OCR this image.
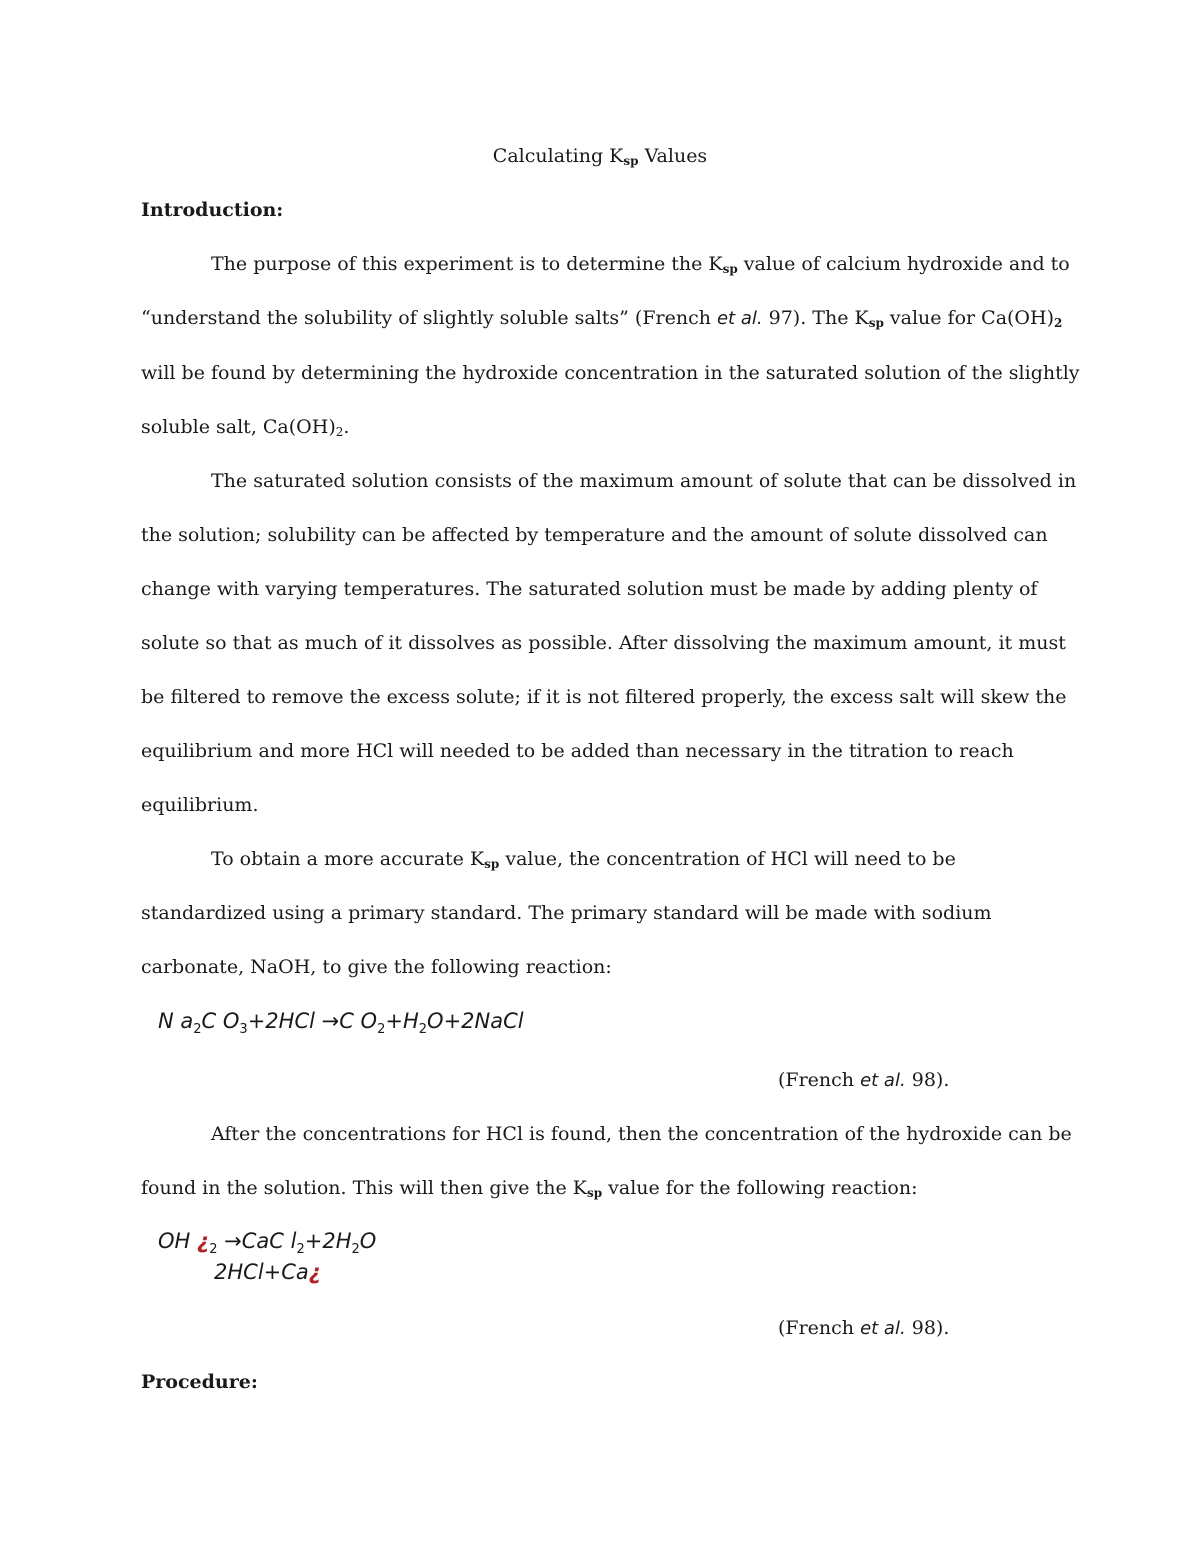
Calculating $K_{sp}$ Values
Introduction:
The purpose of this experiment is to determine the $K_{sp}$ value of calcium hydroxide and to
“understand the solubility of slightly soluble salts” (French et al. 97). The $K_{sp}$ value for $Ca(OH)_2$
will be found by determining the hydroxide concentration in the saturated solution of the slightly
soluble salt, $Ca(OH)_2$.
The saturated solution consists of the maximum amount of solute that can be dissolved in
the solution; solubility can be affected by temperature and the amount of solute dissolved can
change with varying temperatures. The saturated solution must be made by adding plenty of
solute so that as much of it dissolves as possible. After dissolving the maximum amount, it must
be filtered to remove the excess solute; if it is not filtered properly, the excess salt will skew the
equilibrium and more HCl will needed to be added than necessary in the titration to reach
equilibrium.
To obtain a more accurate $K_{sp}$ value, the concentration of HCl will need to be
standardized using a primary standard. The primary standard will be made with sodium
carbonate, NaOH, to give the following reaction:
N $a_2C$ $O_3+2HCl \to C$ $O_2+H_2O+2NaCl$
(French et al. 98).
After the concentrations for HCl is found, then the concentration of the hydroxide can be
found in the solution. This will then give the $K_{sp}$ value for the following reaction:
OH ¿$_2 \to CaC$ $l_2+2H_2O$
2HCl+Ca¿
(French et al. 98).
Procedure:
